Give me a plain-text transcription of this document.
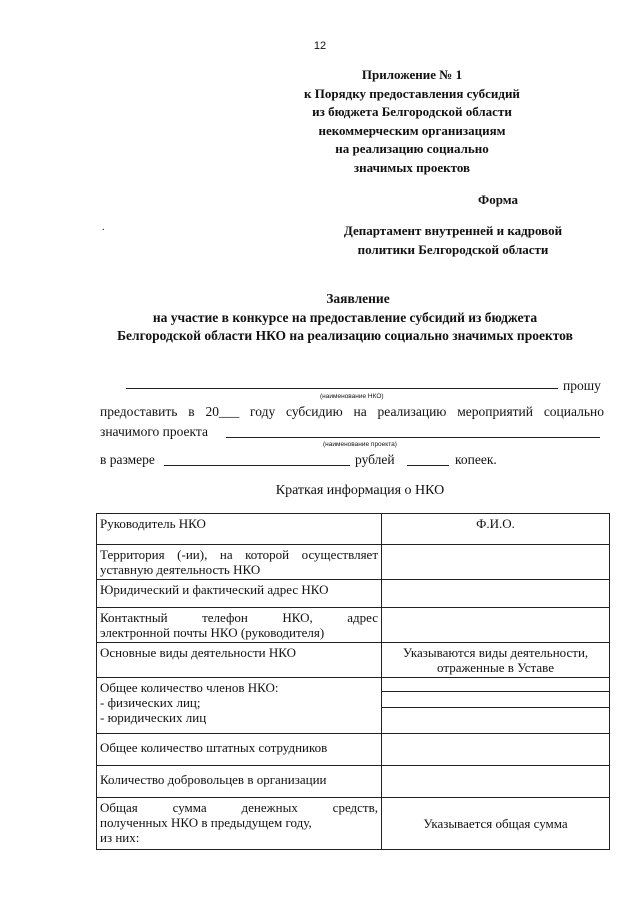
12
Приложение № 1
к Порядку предоставления субсидий
из бюджета Белгородской области
некоммерческим организациям
на реализацию социально
значимых проектов
Форма
.	Департамент внутренней и кадровой
политики Белгородской области
Заявление
на участие в конкурсе на предоставление субсидий из бюджета
Белгородской области НКО на реализацию социально значимых проектов
прошу
(наименование НКО)
предоставить в 20___ году субсидию на реализацию мероприятий социально
значимого проекта
(наименование проекта)
в размере	рублей	копеек.
Краткая информация о НКО
Руководитель НКО	Ф.И.О.

Территория (-ии), на которой осуществляет
уставную деятельность НКО	

Юридический и фактический адрес НКО	

Контактный телефон НКО, адрес
электронной почты НКО (руководителя)	

Основные виды деятельности НКО	Указываются виды деятельности,
отраженные в Уставе

Общее количество членов НКО:
- физических лиц;
- юридических лиц	

Общее количество штатных сотрудников	
Количество добровольцев в организации	

Общая сумма денежных средств,
полученных НКО в предыдущем году,
из них:	Указывается общая сумма
